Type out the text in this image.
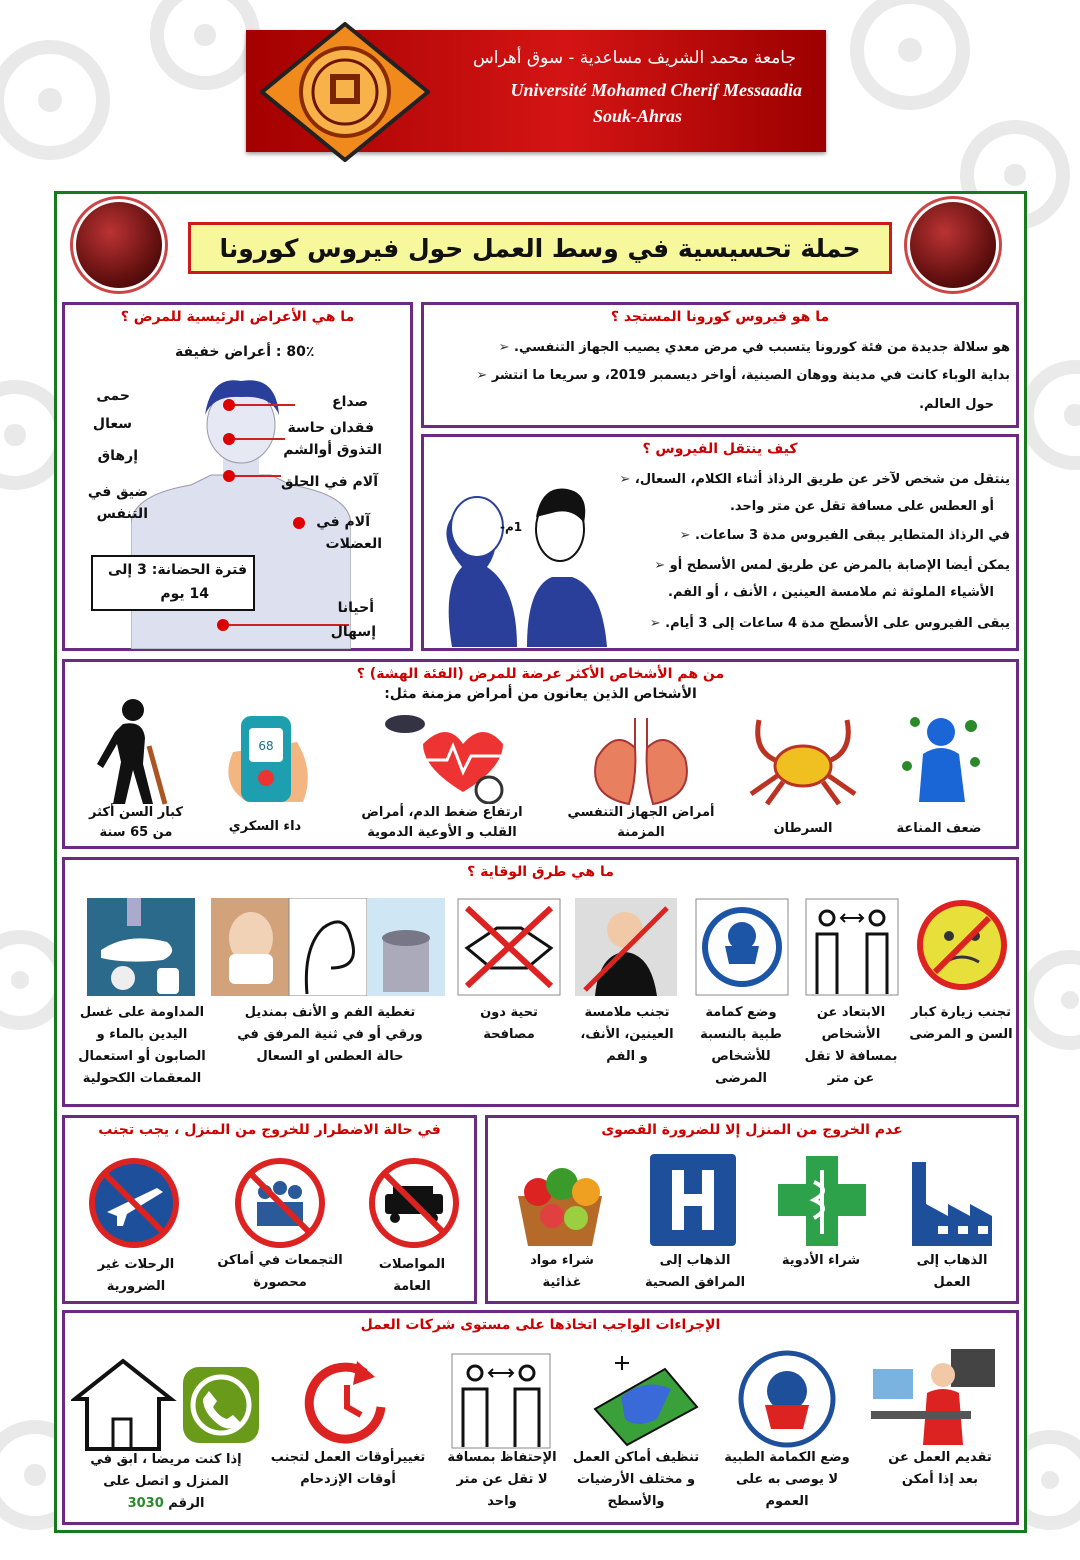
جامعة محمد الشريف مساعدية - سوق أهراس
Université Mohamed Cherif Messaadia
Souk-Ahras
حملة تحسيسية في وسط العمل حول فيروس كورونا
ما هي الأعراض الرئيسية للمرض ؟
80٪ : أعراض خفيفة
حمى
سعال
إرهاق
ضيق في
التنفس
صداع
فقدان حاسة
التذوق أوالشم
آلام في الحلق
آلام في
العضلات
أحيانا
إسهال
فترة الحضانة: 3 إلى
14 يوم
ما هو فيروس كورونا المستجد ؟
هو سلالة جديدة من فئة كورونا يتسبب في مرض معدي يصيب الجهاز التنفسي. ➢
بداية الوباء كانت في مدينة ووهان الصينية، أواخر ديسمبر 2019، و سريعا ما انتشر ➢
حول العالم.
كيف ينتقل الفيروس ؟
1م-
ينتقل من شخص لآخر عن طريق الرذاذ أثناء الكلام، السعال، ➢
أو العطس على مسافة تقل عن متر واحد.
في الرذاذ المتطاير يبقى الفيروس مدة 3 ساعات. ➢
يمكن أيضا الإصابة بالمرض عن طريق لمس الأسطح أو ➢
الأشياء الملوثة ثم ملامسة العينين ، الأنف ، أو الفم.
يبقى الفيروس على الأسطح مدة 4 ساعات إلى 3 أيام. ➢
من هم الأشخاص الأكثر عرضة للمرض (الفئة الهشة) ؟
الأشخاص الذين يعانون من أمراض مزمنة مثل:
68
ضعف المناعة
السرطان
أمراض الجهاز التنفسي
المزمنة
ارتفاع ضغط الدم، أمراض
القلب و الأوعية الدموية
داء السكري
كبار السن أكثر
من 65 سنة
ما هي طرق الوقاية ؟
تجنب زيارة كبار
السن و المرضى
الابتعاد عن
الأشخاص
بمسافة لا تقل
عن متر
وضع كمامة
طبية بالنسبة
للأشخاص
المرضى
تجنب ملامسة
العينين، الأنف،
و الفم
تحية دون
مصافحة
تغطية الفم و الأنف بمنديل
ورقي أو في ثنية المرفق في
حالة العطس او السعال
المداومة على غسل
اليدين بالماء و
الصابون أو استعمال
المعقمات الكحولية
في حالة الاضطرار للخروج من المنزل ، يجب تجنب
المواصلات
العامة
التجمعات في أماكن
محصورة
الرحلات غير
الضرورية
عدم الخروج من المنزل إلا للضرورة القصوى
الذهاب إلى
العمل
شراء الأدوية
الذهاب إلى
المرافق الصحية
شراء مواد
غذائية
الإجراءات الواجب اتخاذها على مستوى شركات العمل
تقديم العمل عن
بعد إذا أمكن
وضع الكمامة الطبية
لا يوصى به على
العموم
تنظيف أماكن العمل
و مختلف الأرضيات
والأسطح
الإحتفاظ بمسافة
لا تقل عن متر
واحد
تغييرأوقات العمل لتجنب
أوقات الإزدحام
إذا كنت مريضا ، ابق في
المنزل و اتصل على
الرقم 3030
